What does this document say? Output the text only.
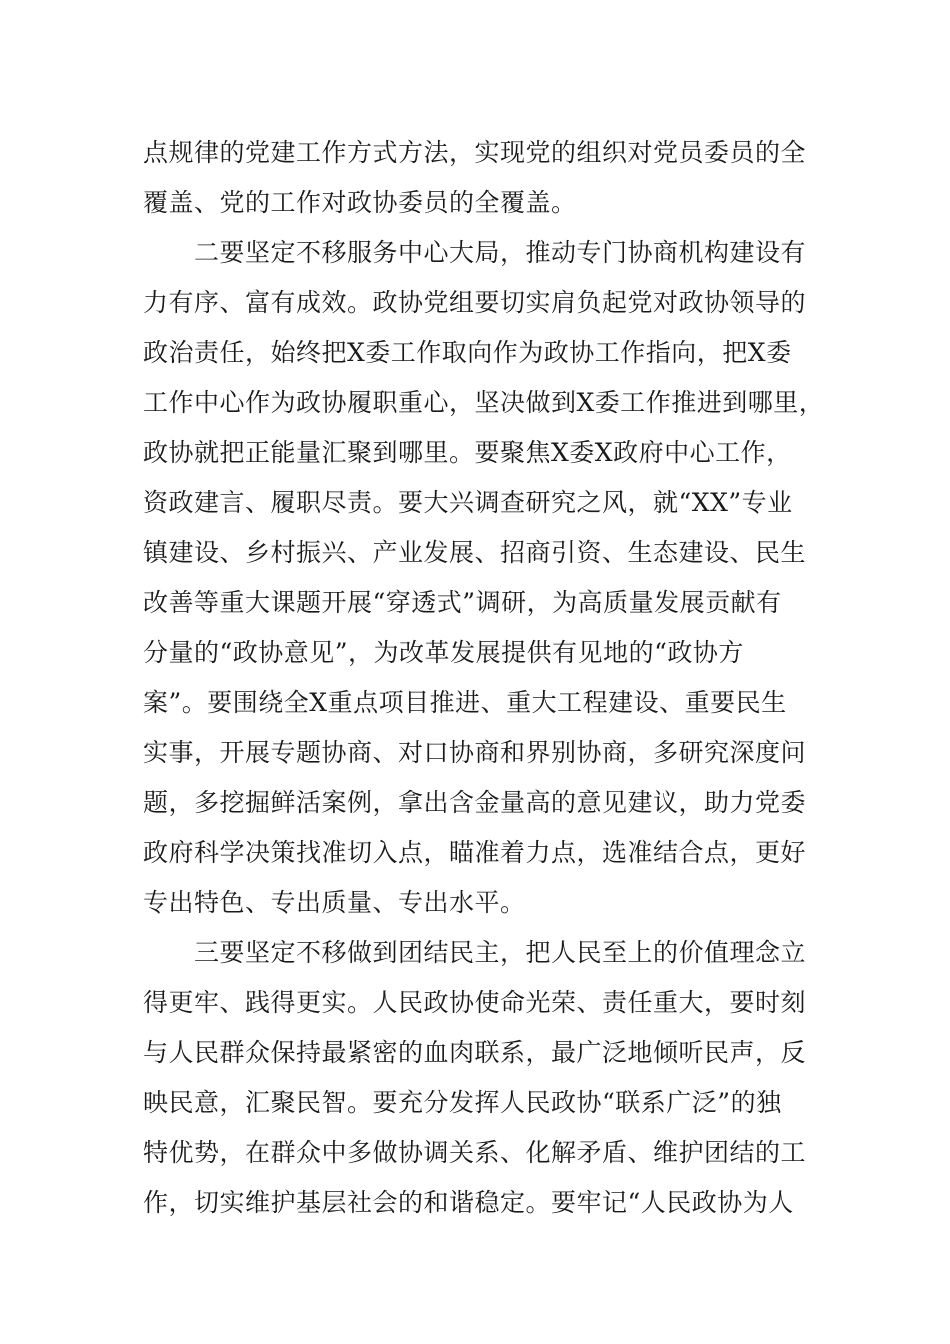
点规律的党建工作方式方法，实现党的组织对党员委员的全
覆盖、党的工作对政协委员的全覆盖。
二要坚定不移服务中心大局，推动专门协商机构建设有
力有序、富有成效。政协党组要切实肩负起党对政协领导的
政治责任，始终把X委工作取向作为政协工作指向，把X委
工作中心作为政协履职重心，坚决做到X委工作推进到哪里，
政协就把正能量汇聚到哪里。要聚焦X委X政府中心工作，
资政建言、履职尽责。要大兴调查研究之风，就“XX”专业
镇建设、乡村振兴、产业发展、招商引资、生态建设、民生
改善等重大课题开展“穿透式”调研，为高质量发展贡献有
分量的“政协意见”，为改革发展提供有见地的“政协方
案”。要围绕全X重点项目推进、重大工程建设、重要民生
实事，开展专题协商、对口协商和界别协商，多研究深度问
题，多挖掘鲜活案例，拿出含金量高的意见建议，助力党委
政府科学决策找准切入点，瞄准着力点，选准结合点，更好
专出特色、专出质量、专出水平。
三要坚定不移做到团结民主，把人民至上的价值理念立
得更牢、践得更实。人民政协使命光荣、责任重大，要时刻
与人民群众保持最紧密的血肉联系，最广泛地倾听民声，反
映民意，汇聚民智。要充分发挥人民政协“联系广泛”的独
特优势，在群众中多做协调关系、化解矛盾、维护团结的工
作，切实维护基层社会的和谐稳定。要牢记“人民政协为人
